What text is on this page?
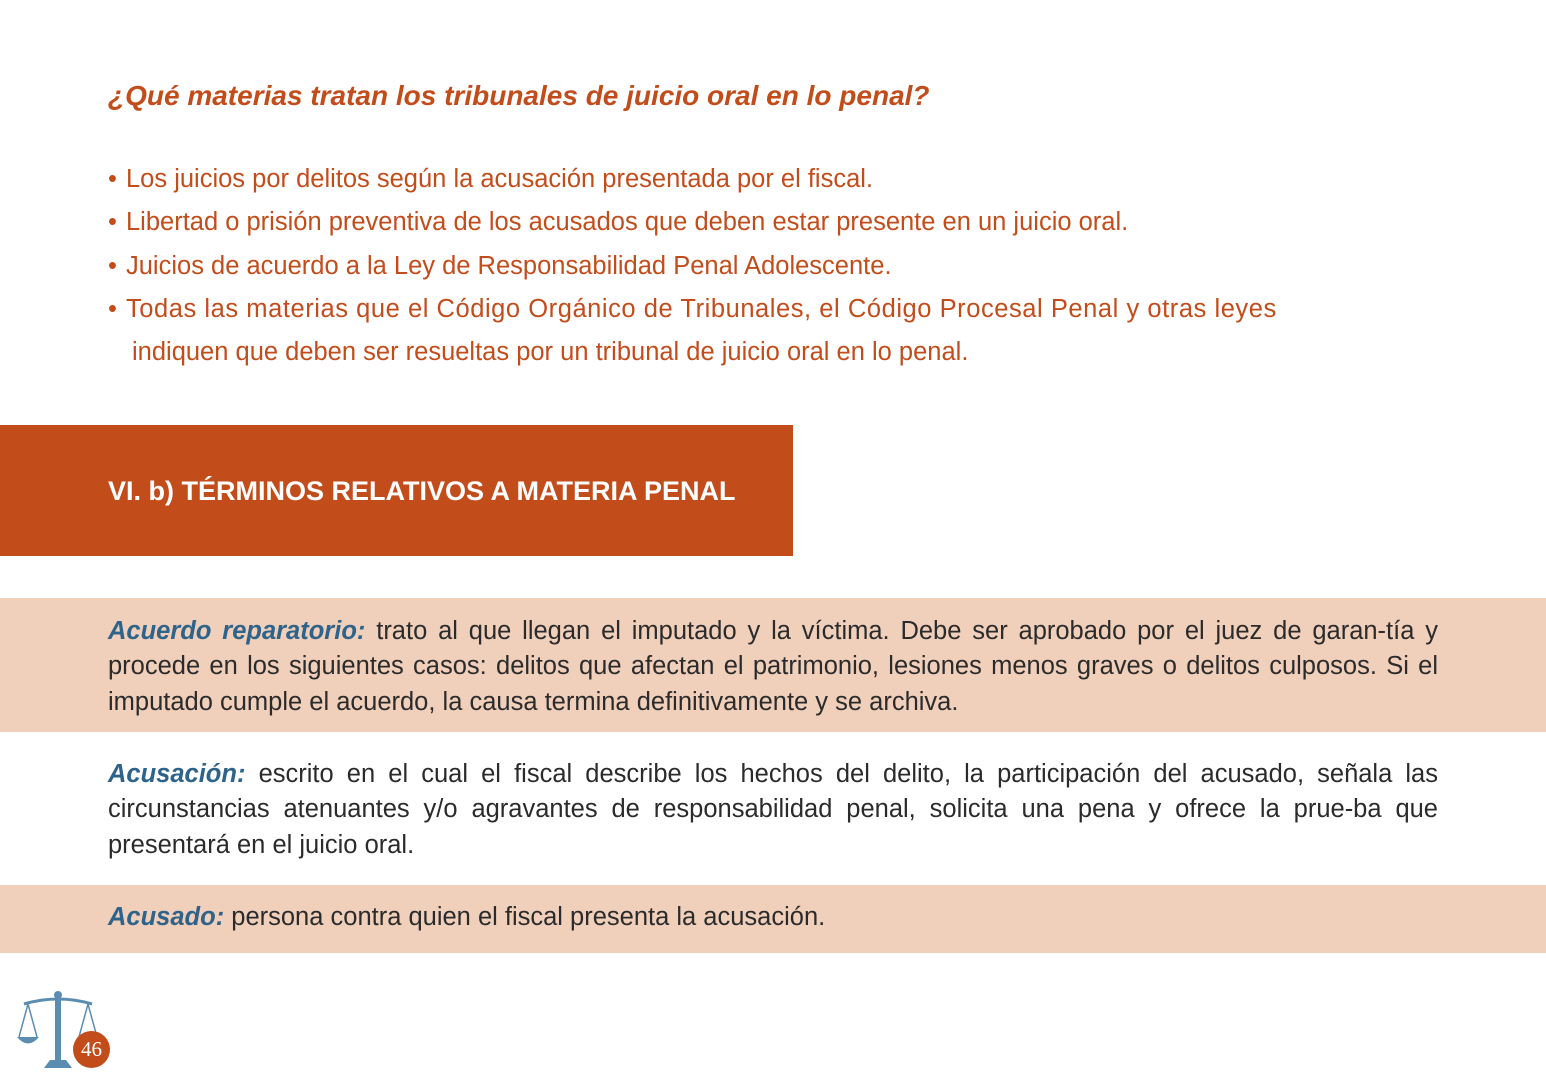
¿Qué materias tratan los tribunales de juicio oral en lo penal?
• Los juicios por delitos según la acusación presentada por el fiscal.
• Libertad o prisión preventiva de los acusados que deben estar presente en un juicio oral.
• Juicios de acuerdo a la Ley de Responsabilidad Penal Adolescente.
• Todas las materias que el Código Orgánico de Tribunales, el Código Procesal Penal y otras leyes
indiquen que deben ser resueltas por un tribunal de juicio oral en lo penal.
VI. b) TÉRMINOS RELATIVOS A MATERIA PENAL

Acuerdo reparatorio: trato al que llegan el imputado y la víctima. Debe ser aprobado por el juez de garan-tía y procede en los siguientes casos: delitos que afectan el patrimonio, lesiones menos graves o delitos culposos. Si el imputado cumple el acuerdo, la causa termina definitivamente y se archiva.

Acusación: escrito en el cual el fiscal describe los hechos del delito, la participación del acusado, señala las circunstancias atenuantes y/o agravantes de responsabilidad penal, solicita una pena y ofrece la prue-ba que presentará en el juicio oral.

Acusado: persona contra quien el fiscal presenta la acusación.

46
